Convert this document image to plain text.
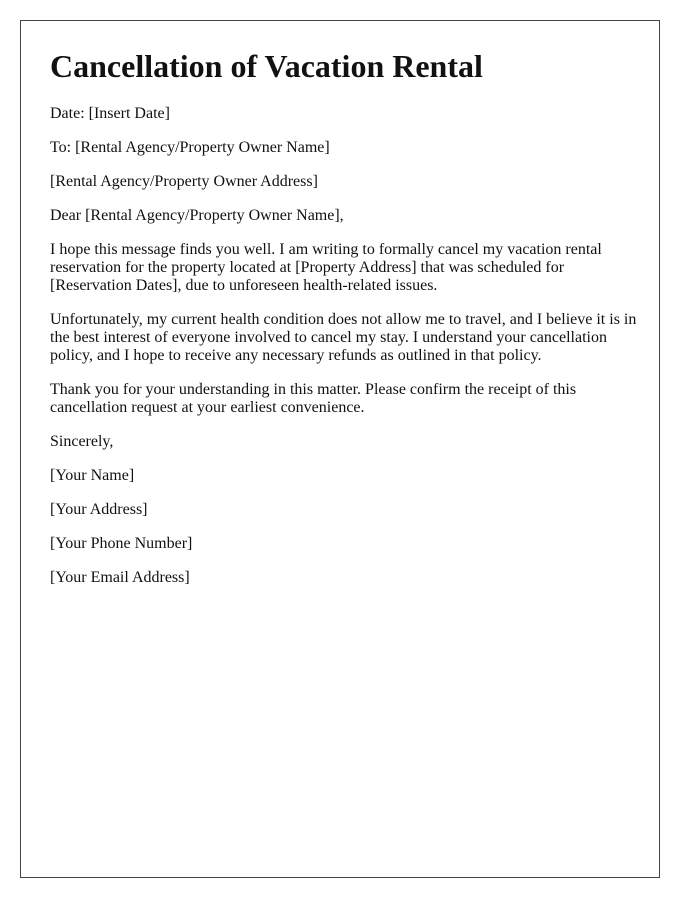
Cancellation of Vacation Rental

Date: [Insert Date]

To: [Rental Agency/Property Owner Name]

[Rental Agency/Property Owner Address]

Dear [Rental Agency/Property Owner Name],

I hope this message finds you well. I am writing to formally cancel my vacation rental reservation for the property located at [Property Address] that was scheduled for [Reservation Dates], due to unforeseen health-related issues.

Unfortunately, my current health condition does not allow me to travel, and I believe it is in the best interest of everyone involved to cancel my stay. I understand your cancellation policy, and I hope to receive any necessary refunds as outlined in that policy.

Thank you for your understanding in this matter. Please confirm the receipt of this cancellation request at your earliest convenience.

Sincerely,

[Your Name]

[Your Address]

[Your Phone Number]

[Your Email Address]
